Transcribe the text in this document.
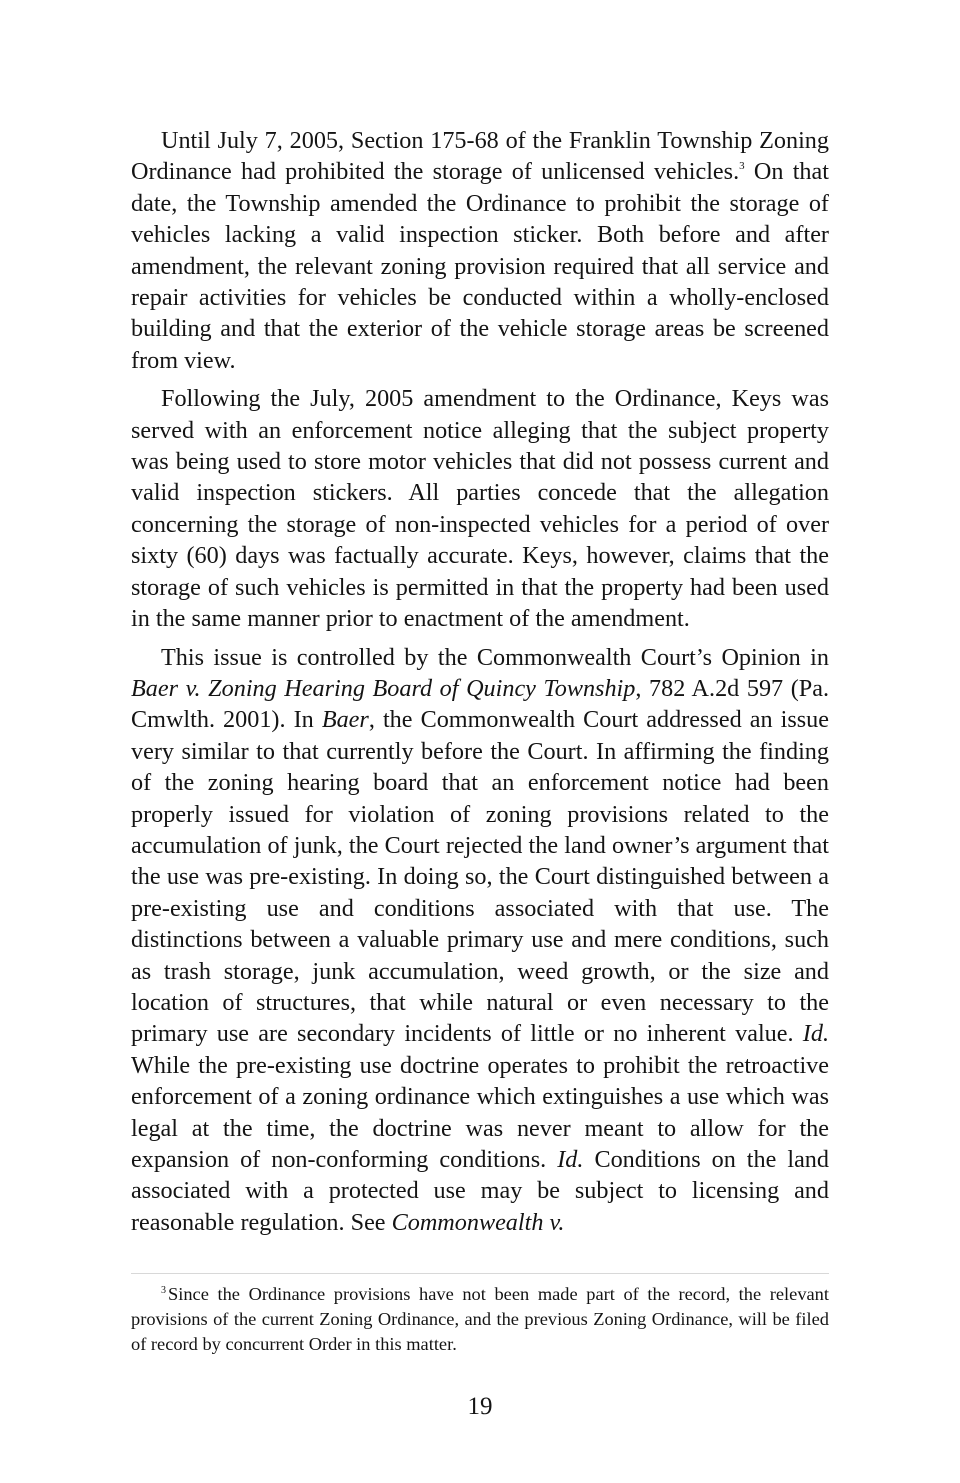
Until July 7, 2005, Section 175-68 of the Franklin Township Zoning Ordinance had prohibited the storage of unlicensed vehicles.$^3$ On that date, the Township amended the Ordinance to prohibit the storage of vehicles lacking a valid inspection sticker. Both before and after amendment, the relevant zoning provision required that all service and repair activities for vehicles be conducted within a wholly-enclosed building and that the exterior of the vehicle storage areas be screened from view.

Following the July, 2005 amendment to the Ordinance, Keys was served with an enforcement notice alleging that the subject property was being used to store motor vehicles that did not possess current and valid inspection stickers. All parties concede that the allegation concerning the storage of non-inspected vehicles for a period of over sixty (60) days was factually accurate. Keys, however, claims that the storage of such vehicles is permitted in that the property had been used in the same manner prior to enactment of the amendment.

This issue is controlled by the Commonwealth Court’s Opinion in Baer v. Zoning Hearing Board of Quincy Township, 782 A.2d 597 (Pa. Cmwlth. 2001). In Baer, the Commonwealth Court addressed an issue very similar to that currently before the Court. In affirming the finding of the zoning hearing board that an enforcement notice had been properly issued for violation of zoning provisions related to the accumulation of junk, the Court rejected the land owner’s argument that the use was pre-existing. In doing so, the Court distinguished between a pre-existing use and conditions associated with that use. The distinctions between a valuable primary use and mere conditions, such as trash storage, junk accumulation, weed growth, or the size and location of structures, that while natural or even necessary to the primary use are secondary incidents of little or no inherent value. Id. While the pre-existing use doctrine operates to prohibit the retroactive enforcement of a zoning ordinance which extinguishes a use which was legal at the time, the doctrine was never meant to allow for the expansion of non-conforming conditions. Id. Conditions on the land associated with a protected use may be subject to licensing and reasonable regulation. See Commonwealth v.

$^3$ Since the Ordinance provisions have not been made part of the record, the relevant provisions of the current Zoning Ordinance, and the previous Zoning Ordinance, will be filed of record by concurrent Order in this matter.

19
